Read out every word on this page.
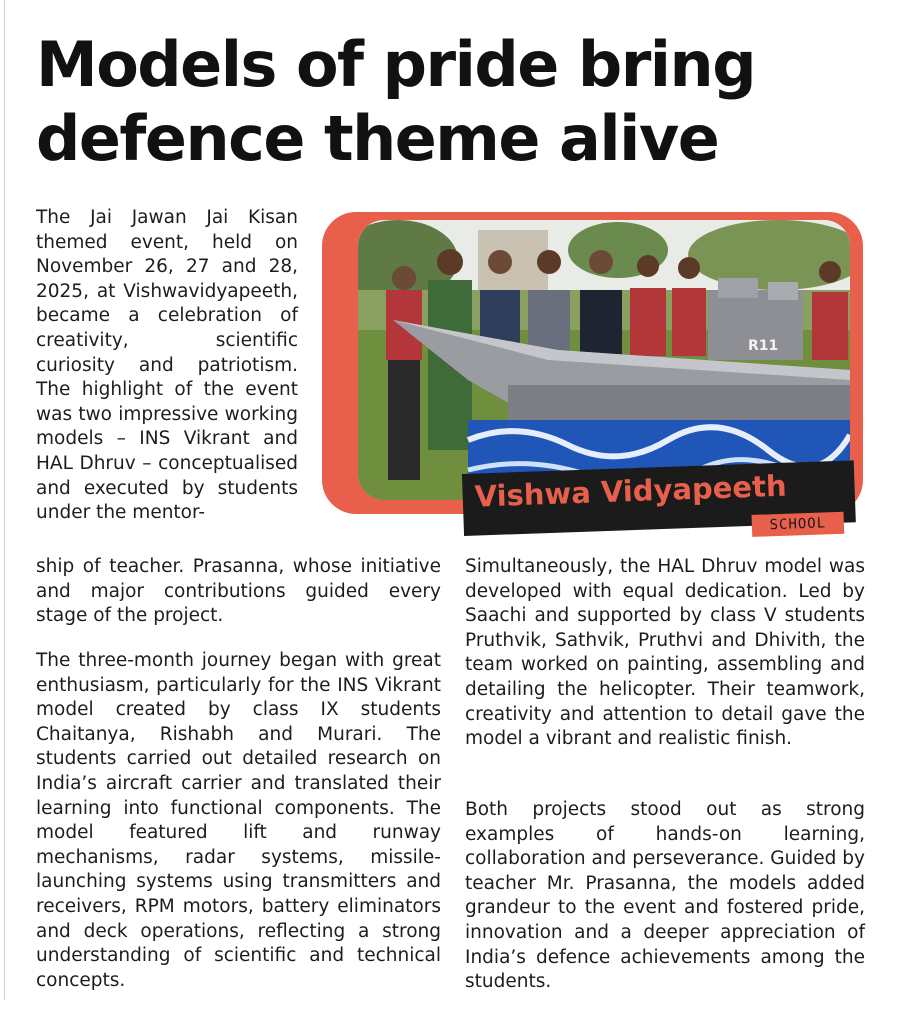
Models of pride bring defence theme alive

The Jai Jawan Jai Kisan themed event, held on November 26, 27 and 28, 2025, at Vishwavidyapeeth, became a celebration of creativity, scientific curiosity and patriotism. The highlight of the event was two impressive working models – INS Vikrant and HAL Dhruv – conceptualised and executed by students under the mentor-

R11
Vishwa Vidyapeeth
SCHOOL

ship of teacher. Prasanna, whose initiative and major contributions guided every stage of the project.

The three-month journey began with great enthusiasm, particularly for the INS Vikrant model created by class IX students Chaitanya, Rishabh and Murari. The students carried out detailed research on India’s aircraft carrier and translated their learning into functional components. The model featured lift and runway mechanisms, radar systems, missile-launching systems using transmitters and receivers, RPM motors, battery eliminators and deck operations, reflecting a strong understanding of scientific and technical concepts.

Simultaneously, the HAL Dhruv model was developed with equal dedication. Led by Saachi and supported by class V students Pruthvik, Sathvik, Pruthvi and Dhivith, the team worked on painting, assembling and detailing the helicopter. Their teamwork, creativity and attention to detail gave the model a vibrant and realistic finish.

Both projects stood out as strong examples of hands-on learning, collaboration and perseverance. Guided by teacher Mr. Prasanna, the models added grandeur to the event and fostered pride, innovation and a deeper appreciation of India’s defence achievements among the students.
